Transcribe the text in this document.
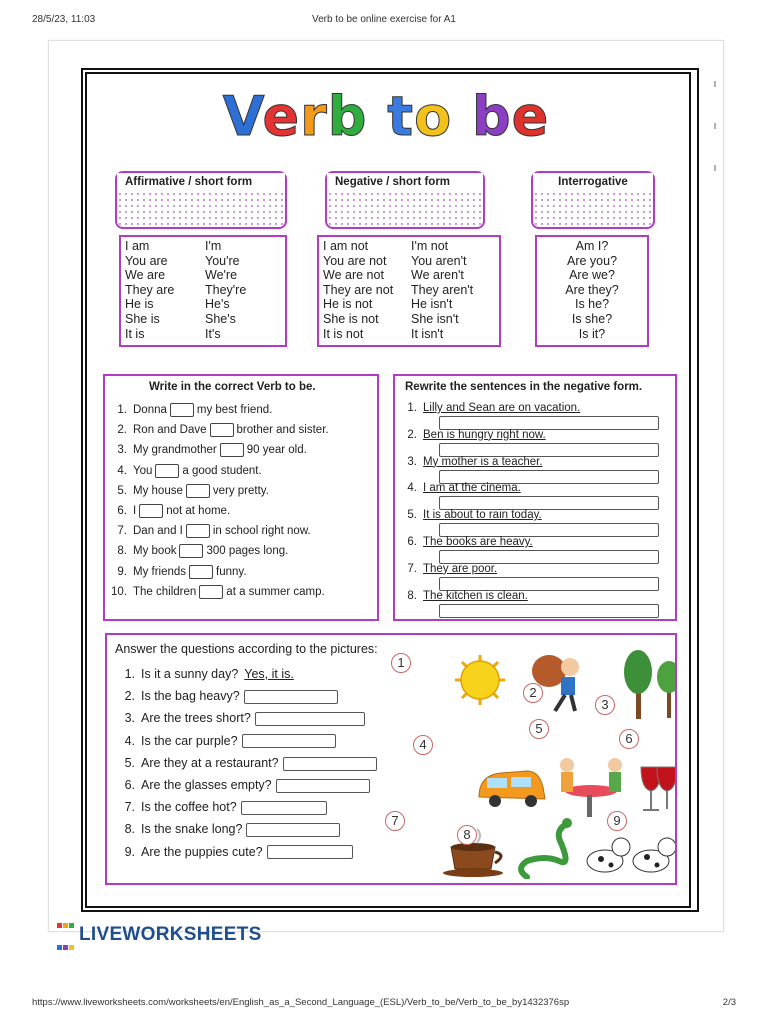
28/5/23, 11:03	Verb to be online exercise for A1
Verb to be
Affirmative / short form
I am	I'm
You are	You're
We are	We're
They are	They're
He is	He's
She is	She's
It is	It's
Negative / short form
I am not	I'm not
You are not	You aren't
We are not	We aren't
They are not	They aren't
He is not	He isn't
She is not	She isn't
It is not	It isn't
Interrogative
Am I?
Are you?
Are we?
Are they?
Is he?
Is she?
Is it?
Write in the correct Verb to be.
1. Donna	my best friend.
2. Ron and Dave	brother and sister.
3. My grandmother	90 year old.
4. You	a good student.
5. My house	very pretty.
6. I	not at home.
7. Dan and I	in school right now.
8. My book	300 pages long.
9. My friends	funny.
10. The children	at a summer camp.
Rewrite the sentences in the negative form.
1. Lilly and Sean are on vacation.
2. Ben is hungry right now.
3. My mother is a teacher.
4. I am at the cinema.
5. It is about to rain today.
6. The books are heavy.
7. They are poor.
8. The kitchen is clean.
Answer the questions according to the pictures:
1. Is it a sunny day? Yes, it is.
2. Is the bag heavy?
3. Are the trees short?
4. Is the car purple?
5. Are they at a restaurant?
6. Are the glasses empty?
7. Is the coffee hot?
8. Is the snake long?
9. Are the puppies cute?
1
2
3
4
5
6
7
8
9

LIVEWORKSHEETS
https://www.liveworksheets.com/worksheets/en/English_as_a_Second_Language_(ESL)/Verb_to_be/Verb_to_be_by1432376sp	2/3
